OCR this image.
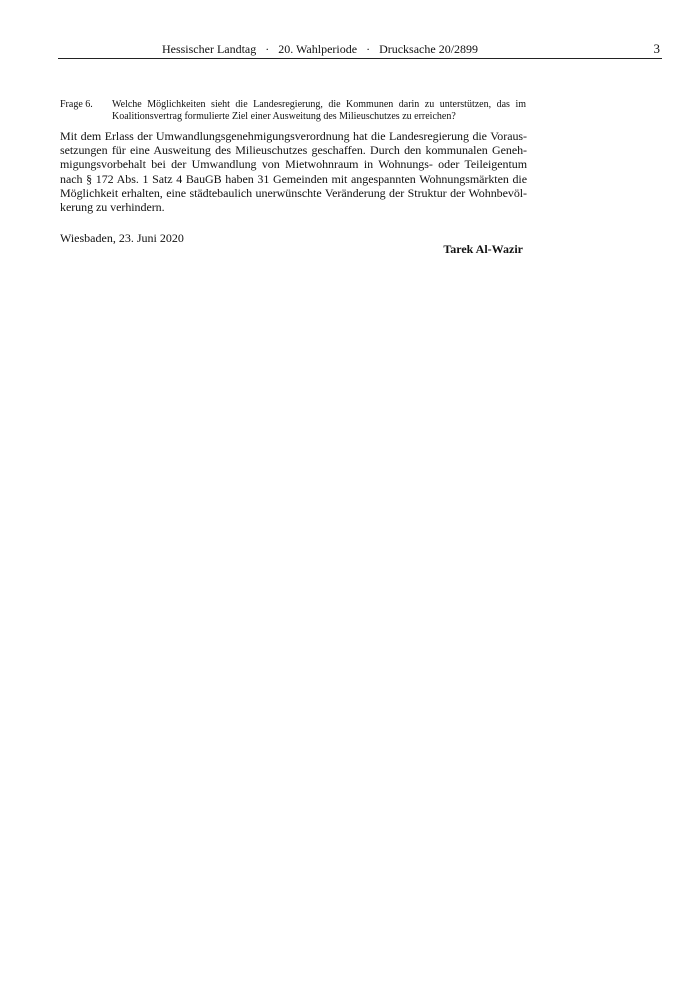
Hessischer Landtag · 20. Wahlperiode · Drucksache 20/2899	3
Frage 6.	Welche Möglichkeiten sieht die Landesregierung, die Kommunen darin zu unterstützen, das im Koalitionsvertrag formulierte Ziel einer Ausweitung des Milieuschutzes zu erreichen?
Mit dem Erlass der Umwandlungsgenehmigungsverordnung hat die Landesregierung die Voraus-
setzungen für eine Ausweitung des Milieuschutzes geschaffen. Durch den kommunalen Geneh-
migungsvorbehalt bei der Umwandlung von Mietwohnraum in Wohnungs- oder Teileigentum
nach § 172 Abs. 1 Satz 4 BauGB haben 31 Gemeinden mit angespannten Wohnungsmärkten die
Möglichkeit erhalten, eine städtebaulich unerwünschte Veränderung der Struktur der Wohnbevöl-
kerung zu verhindern.
Wiesbaden, 23. Juni 2020
Tarek Al-Wazir
